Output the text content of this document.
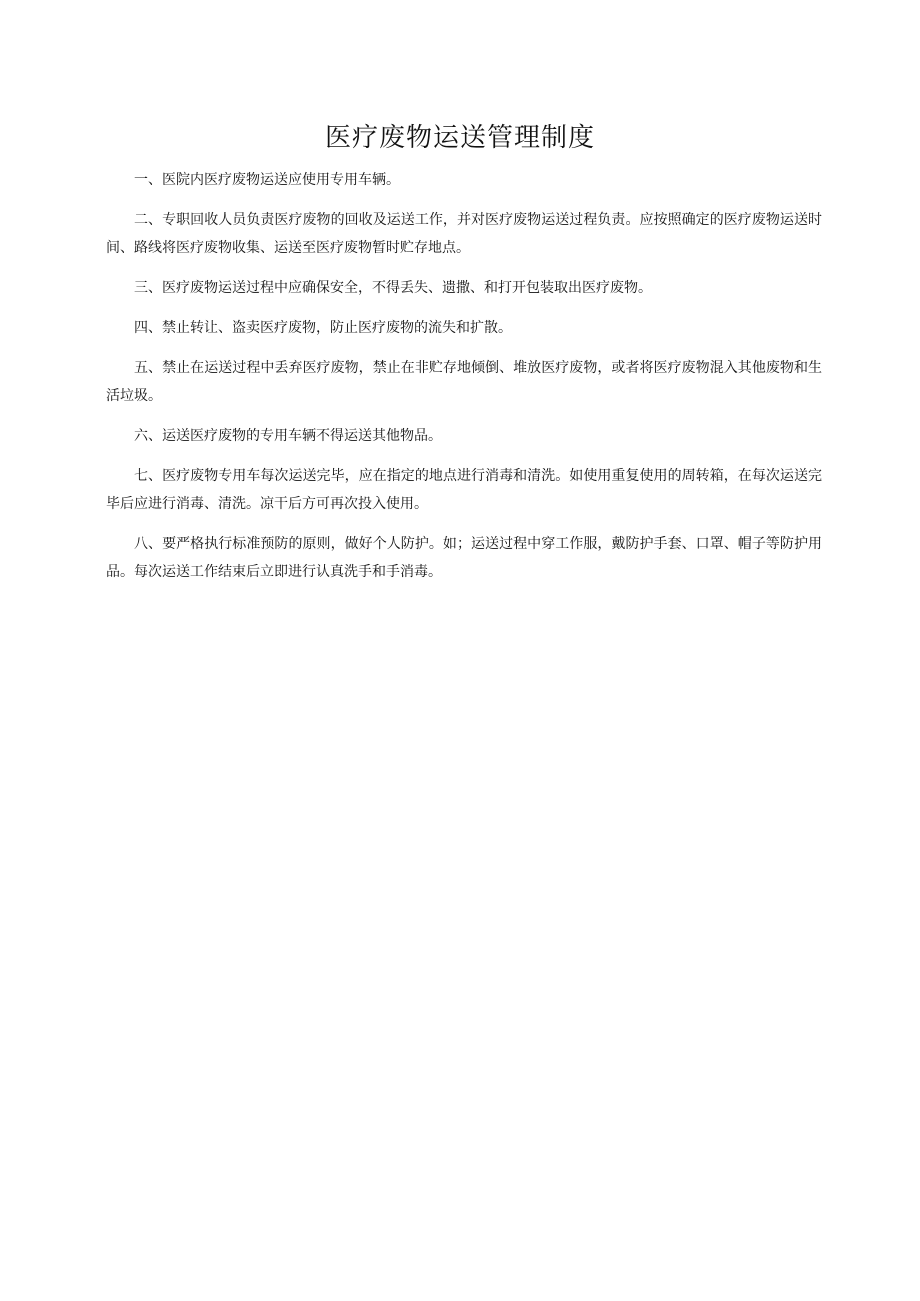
医疗废物运送管理制度

一、医院内医疗废物运送应使用专用车辆。

二、专职回收人员负责医疗废物的回收及运送工作，并对医疗废物运送过程负责。应按照确定的医疗废物运送时间、路线将医疗废物收集、运送至医疗废物暂时贮存地点。

三、医疗废物运送过程中应确保安全，不得丢失、遗撒、和打开包装取出医疗废物。

四、禁止转让、盗卖医疗废物，防止医疗废物的流失和扩散。

五、禁止在运送过程中丢弃医疗废物，禁止在非贮存地倾倒、堆放医疗废物，或者将医疗废物混入其他废物和生活垃圾。

六、运送医疗废物的专用车辆不得运送其他物品。

七、医疗废物专用车每次运送完毕，应在指定的地点进行消毒和清洗。如使用重复使用的周转箱，在每次运送完毕后应进行消毒、清洗。凉干后方可再次投入使用。

八、要严格执行标准预防的原则，做好个人防护。如；运送过程中穿工作服，戴防护手套、口罩、帽子等防护用品。每次运送工作结束后立即进行认真洗手和手消毒。
